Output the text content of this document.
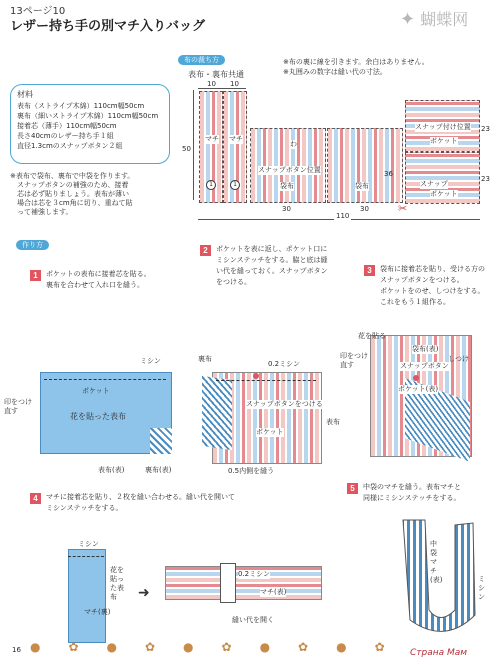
13ページ10
レザー持ち手の別マチ入りバッグ	✦ 蝴蝶网
材料
表布（ストライプ木綿）110cm幅50cm
裏布（細いストライプ木綿）110cm幅50cm
接着芯（薄手）110cm幅50cm
長さ40cmのレザー持ち手１組
直径1.3cmのスナップボタン２組
※表布で袋布、裏布で中袋を作ります。
　スナップボタンの補強のため、接着
　芯は必ず貼りましょう。表布が薄い
　場合は芯を３cm角に切り、重ねて貼
　って補強します。
布の裁ち方
表布・裏布共通
※布の裏に線を引きます。余白はありません。
※丸囲みの数字は縫い代の寸法。
10 10
50
マチ マチ
1	1
スナップボタン位置
袋布	袋布
わ
36
30	30
スナップ付け位置
ポケット
スナップ
ポケット
23
23
110
✂
作り方
1	ポケットの表布に接着芯を貼る。
裏布を合わせて入れ口を縫う。
ミシン
ポケット
花を貼った表布
印をつけ直す
表布(表)	裏布(表)
2	ポケットを表に返し、ポケット口に
ミシンステッチをする。脇と底は縫
い代を縫っておく。スナップボタン
をつける。
裏布
0.2ミシン
スナップボタンをつける
ポケット
表布
0.5内側を縫う
3	袋布に接着芯を貼り、受ける方の
スナップボタンをつける。
ポケットをのせ、しつけをする。
これをもう１組作る。
花を貼る
印をつけ直す
袋布(表)
スナップボタン
ポケット(表)
しつけ
4	マチに接着芯を貼り、２枚を縫い合わせる。縫い代を開いて
ミシンステッチをする。
ミシン
マチ(裏)
花を貼った表布	➜
0.2ミシン
マチ(表)
縫い代を開く
5	中袋のマチを縫う。表布マチと
同様にミシンステッチをする。
中袋マチ(表)	ミシン
16 ●✿●✿●✿●✿●✿
Страна Мам
